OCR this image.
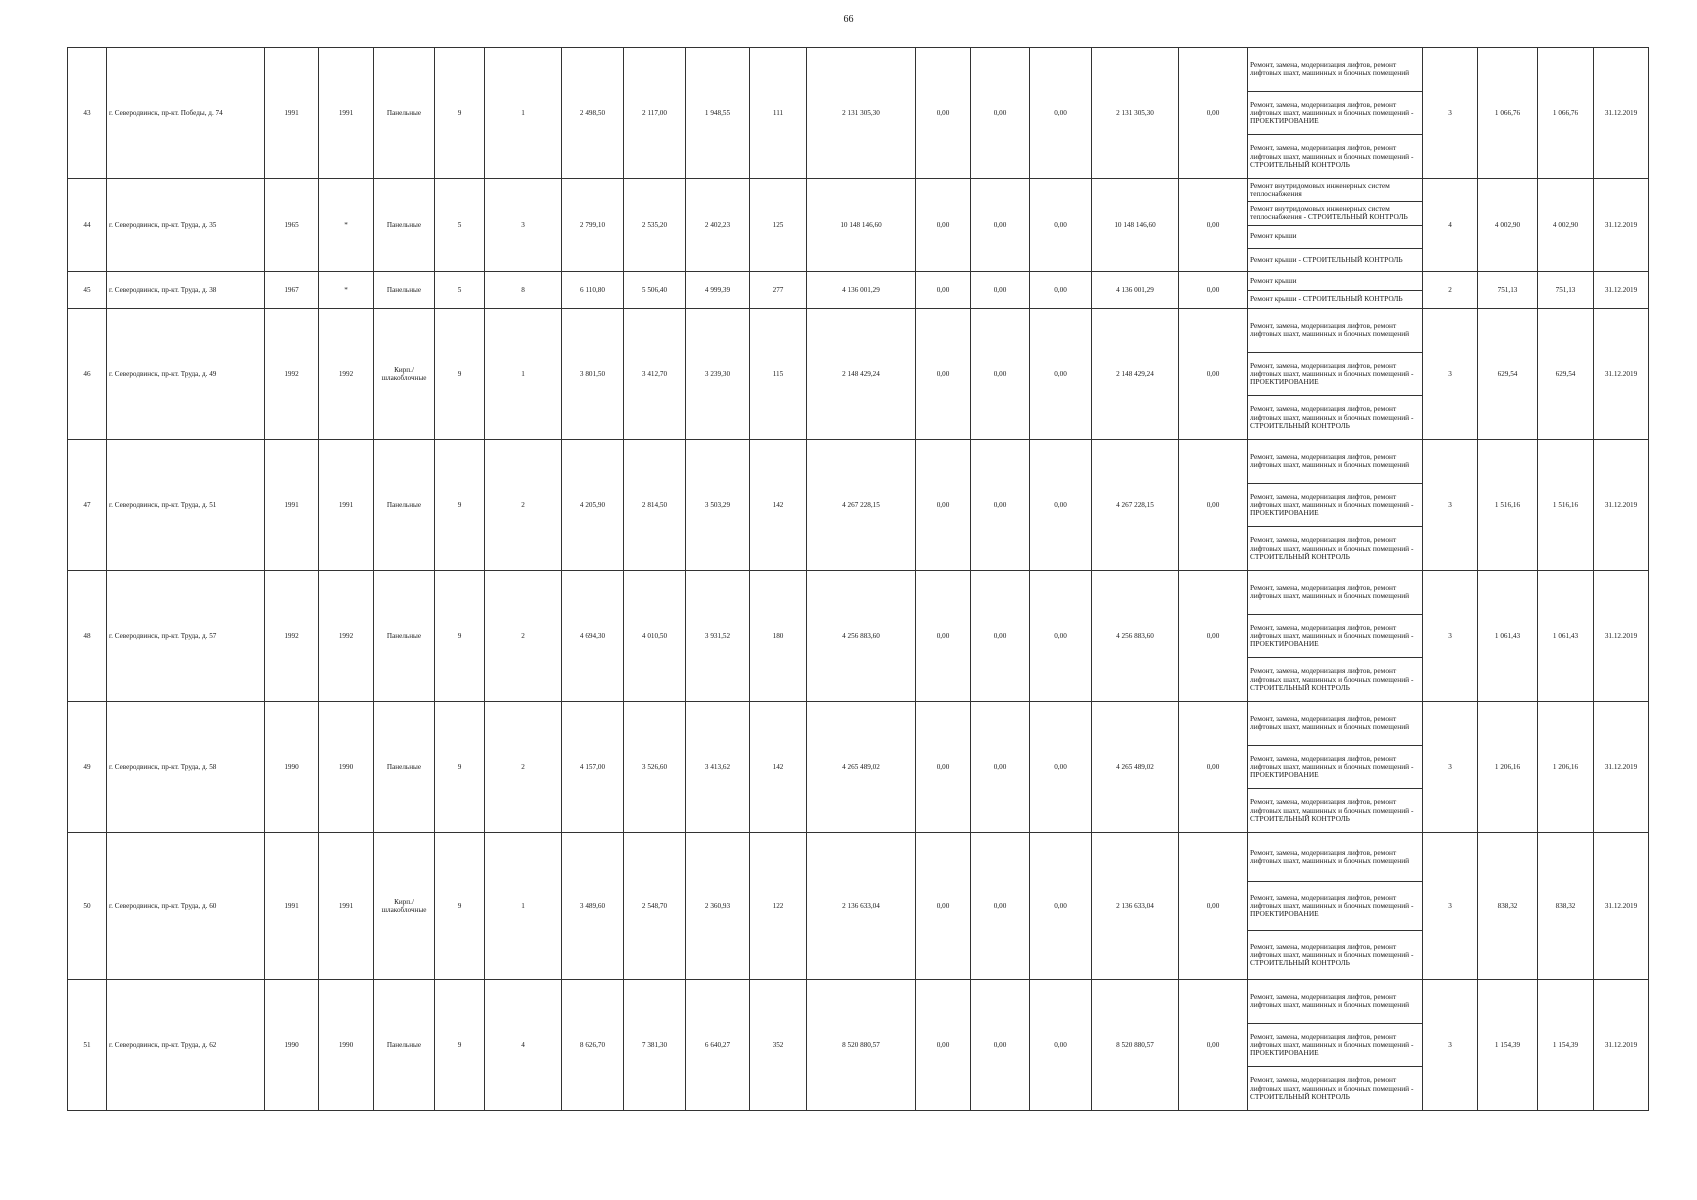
66
43	г. Северодвинск, пр-кт. Победы, д. 74	1991	1991	Панельные	9	1	2 498,50	2 117,00	1 948,55	111	2 131 305,30	0,00	0,00	0,00	2 131 305,30	0,00	Ремонт, замена, модернизация лифтов, ремонт лифтовых шахт, машинных и блочных помещений
Ремонт, замена, модернизация лифтов, ремонт лифтовых шахт, машинных и блочных помещений - ПРОЕКТИРОВАНИЕ
Ремонт, замена, модернизация лифтов, ремонт лифтовых шахт, машинных и блочных помещений - СТРОИТЕЛЬНЫЙ КОНТРОЛЬ	3	1 066,76	1 066,76	31.12.2019
44	г. Северодвинск, пр-кт. Труда, д. 35	1965	*	Панельные	5	3	2 799,10	2 535,20	2 402,23	125	10 148 146,60	0,00	0,00	0,00	10 148 146,60	0,00	Ремонт внутридомовых инженерных систем теплоснабжения
Ремонт внутридомовых инженерных систем теплоснабжения - СТРОИТЕЛЬНЫЙ КОНТРОЛЬ
Ремонт крыши
Ремонт крыши - СТРОИТЕЛЬНЫЙ КОНТРОЛЬ	4	4 002,90	4 002,90	31.12.2019
45	г. Северодвинск, пр-кт. Труда, д. 38	1967	*	Панельные	5	8	6 110,80	5 506,40	4 999,39	277	4 136 001,29	0,00	0,00	0,00	4 136 001,29	0,00	Ремонт крыши
Ремонт крыши - СТРОИТЕЛЬНЫЙ КОНТРОЛЬ	2	751,13	751,13	31.12.2019
46	г. Северодвинск, пр-кт. Труда, д. 49	1992	1992	Кирп./ шлакоблочные	9	1	3 801,50	3 412,70	3 239,30	115	2 148 429,24	0,00	0,00	0,00	2 148 429,24	0,00	Ремонт, замена, модернизация лифтов, ремонт лифтовых шахт, машинных и блочных помещений
Ремонт, замена, модернизация лифтов, ремонт лифтовых шахт, машинных и блочных помещений - ПРОЕКТИРОВАНИЕ
Ремонт, замена, модернизация лифтов, ремонт лифтовых шахт, машинных и блочных помещений - СТРОИТЕЛЬНЫЙ КОНТРОЛЬ	3	629,54	629,54	31.12.2019
47	г. Северодвинск, пр-кт. Труда, д. 51	1991	1991	Панельные	9	2	4 205,90	2 814,50	3 503,29	142	4 267 228,15	0,00	0,00	0,00	4 267 228,15	0,00	Ремонт, замена, модернизация лифтов, ремонт лифтовых шахт, машинных и блочных помещений
Ремонт, замена, модернизация лифтов, ремонт лифтовых шахт, машинных и блочных помещений - ПРОЕКТИРОВАНИЕ
Ремонт, замена, модернизация лифтов, ремонт лифтовых шахт, машинных и блочных помещений - СТРОИТЕЛЬНЫЙ КОНТРОЛЬ	3	1 516,16	1 516,16	31.12.2019
48	г. Северодвинск, пр-кт. Труда, д. 57	1992	1992	Панельные	9	2	4 694,30	4 010,50	3 931,52	180	4 256 883,60	0,00	0,00	0,00	4 256 883,60	0,00	Ремонт, замена, модернизация лифтов, ремонт лифтовых шахт, машинных и блочных помещений
Ремонт, замена, модернизация лифтов, ремонт лифтовых шахт, машинных и блочных помещений - ПРОЕКТИРОВАНИЕ
Ремонт, замена, модернизация лифтов, ремонт лифтовых шахт, машинных и блочных помещений - СТРОИТЕЛЬНЫЙ КОНТРОЛЬ	3	1 061,43	1 061,43	31.12.2019
49	г. Северодвинск, пр-кт. Труда, д. 58	1990	1990	Панельные	9	2	4 157,00	3 526,60	3 413,62	142	4 265 489,02	0,00	0,00	0,00	4 265 489,02	0,00	Ремонт, замена, модернизация лифтов, ремонт лифтовых шахт, машинных и блочных помещений
Ремонт, замена, модернизация лифтов, ремонт лифтовых шахт, машинных и блочных помещений - ПРОЕКТИРОВАНИЕ
Ремонт, замена, модернизация лифтов, ремонт лифтовых шахт, машинных и блочных помещений - СТРОИТЕЛЬНЫЙ КОНТРОЛЬ	3	1 206,16	1 206,16	31.12.2019
50	г. Северодвинск, пр-кт. Труда, д. 60	1991	1991	Кирп./ шлакоблочные	9	1	3 489,60	2 548,70	2 360,93	122	2 136 633,04	0,00	0,00	0,00	2 136 633,04	0,00	Ремонт, замена, модернизация лифтов, ремонт лифтовых шахт, машинных и блочных помещений
Ремонт, замена, модернизация лифтов, ремонт лифтовых шахт, машинных и блочных помещений - ПРОЕКТИРОВАНИЕ
Ремонт, замена, модернизация лифтов, ремонт лифтовых шахт, машинных и блочных помещений - СТРОИТЕЛЬНЫЙ КОНТРОЛЬ	3	838,32	838,32	31.12.2019
51	г. Северодвинск, пр-кт. Труда, д. 62	1990	1990	Панельные	9	4	8 626,70	7 381,30	6 640,27	352	8 520 880,57	0,00	0,00	0,00	8 520 880,57	0,00	Ремонт, замена, модернизация лифтов, ремонт лифтовых шахт, машинных и блочных помещений
Ремонт, замена, модернизация лифтов, ремонт лифтовых шахт, машинных и блочных помещений - ПРОЕКТИРОВАНИЕ
Ремонт, замена, модернизация лифтов, ремонт лифтовых шахт, машинных и блочных помещений - СТРОИТЕЛЬНЫЙ КОНТРОЛЬ	3	1 154,39	1 154,39	31.12.2019
